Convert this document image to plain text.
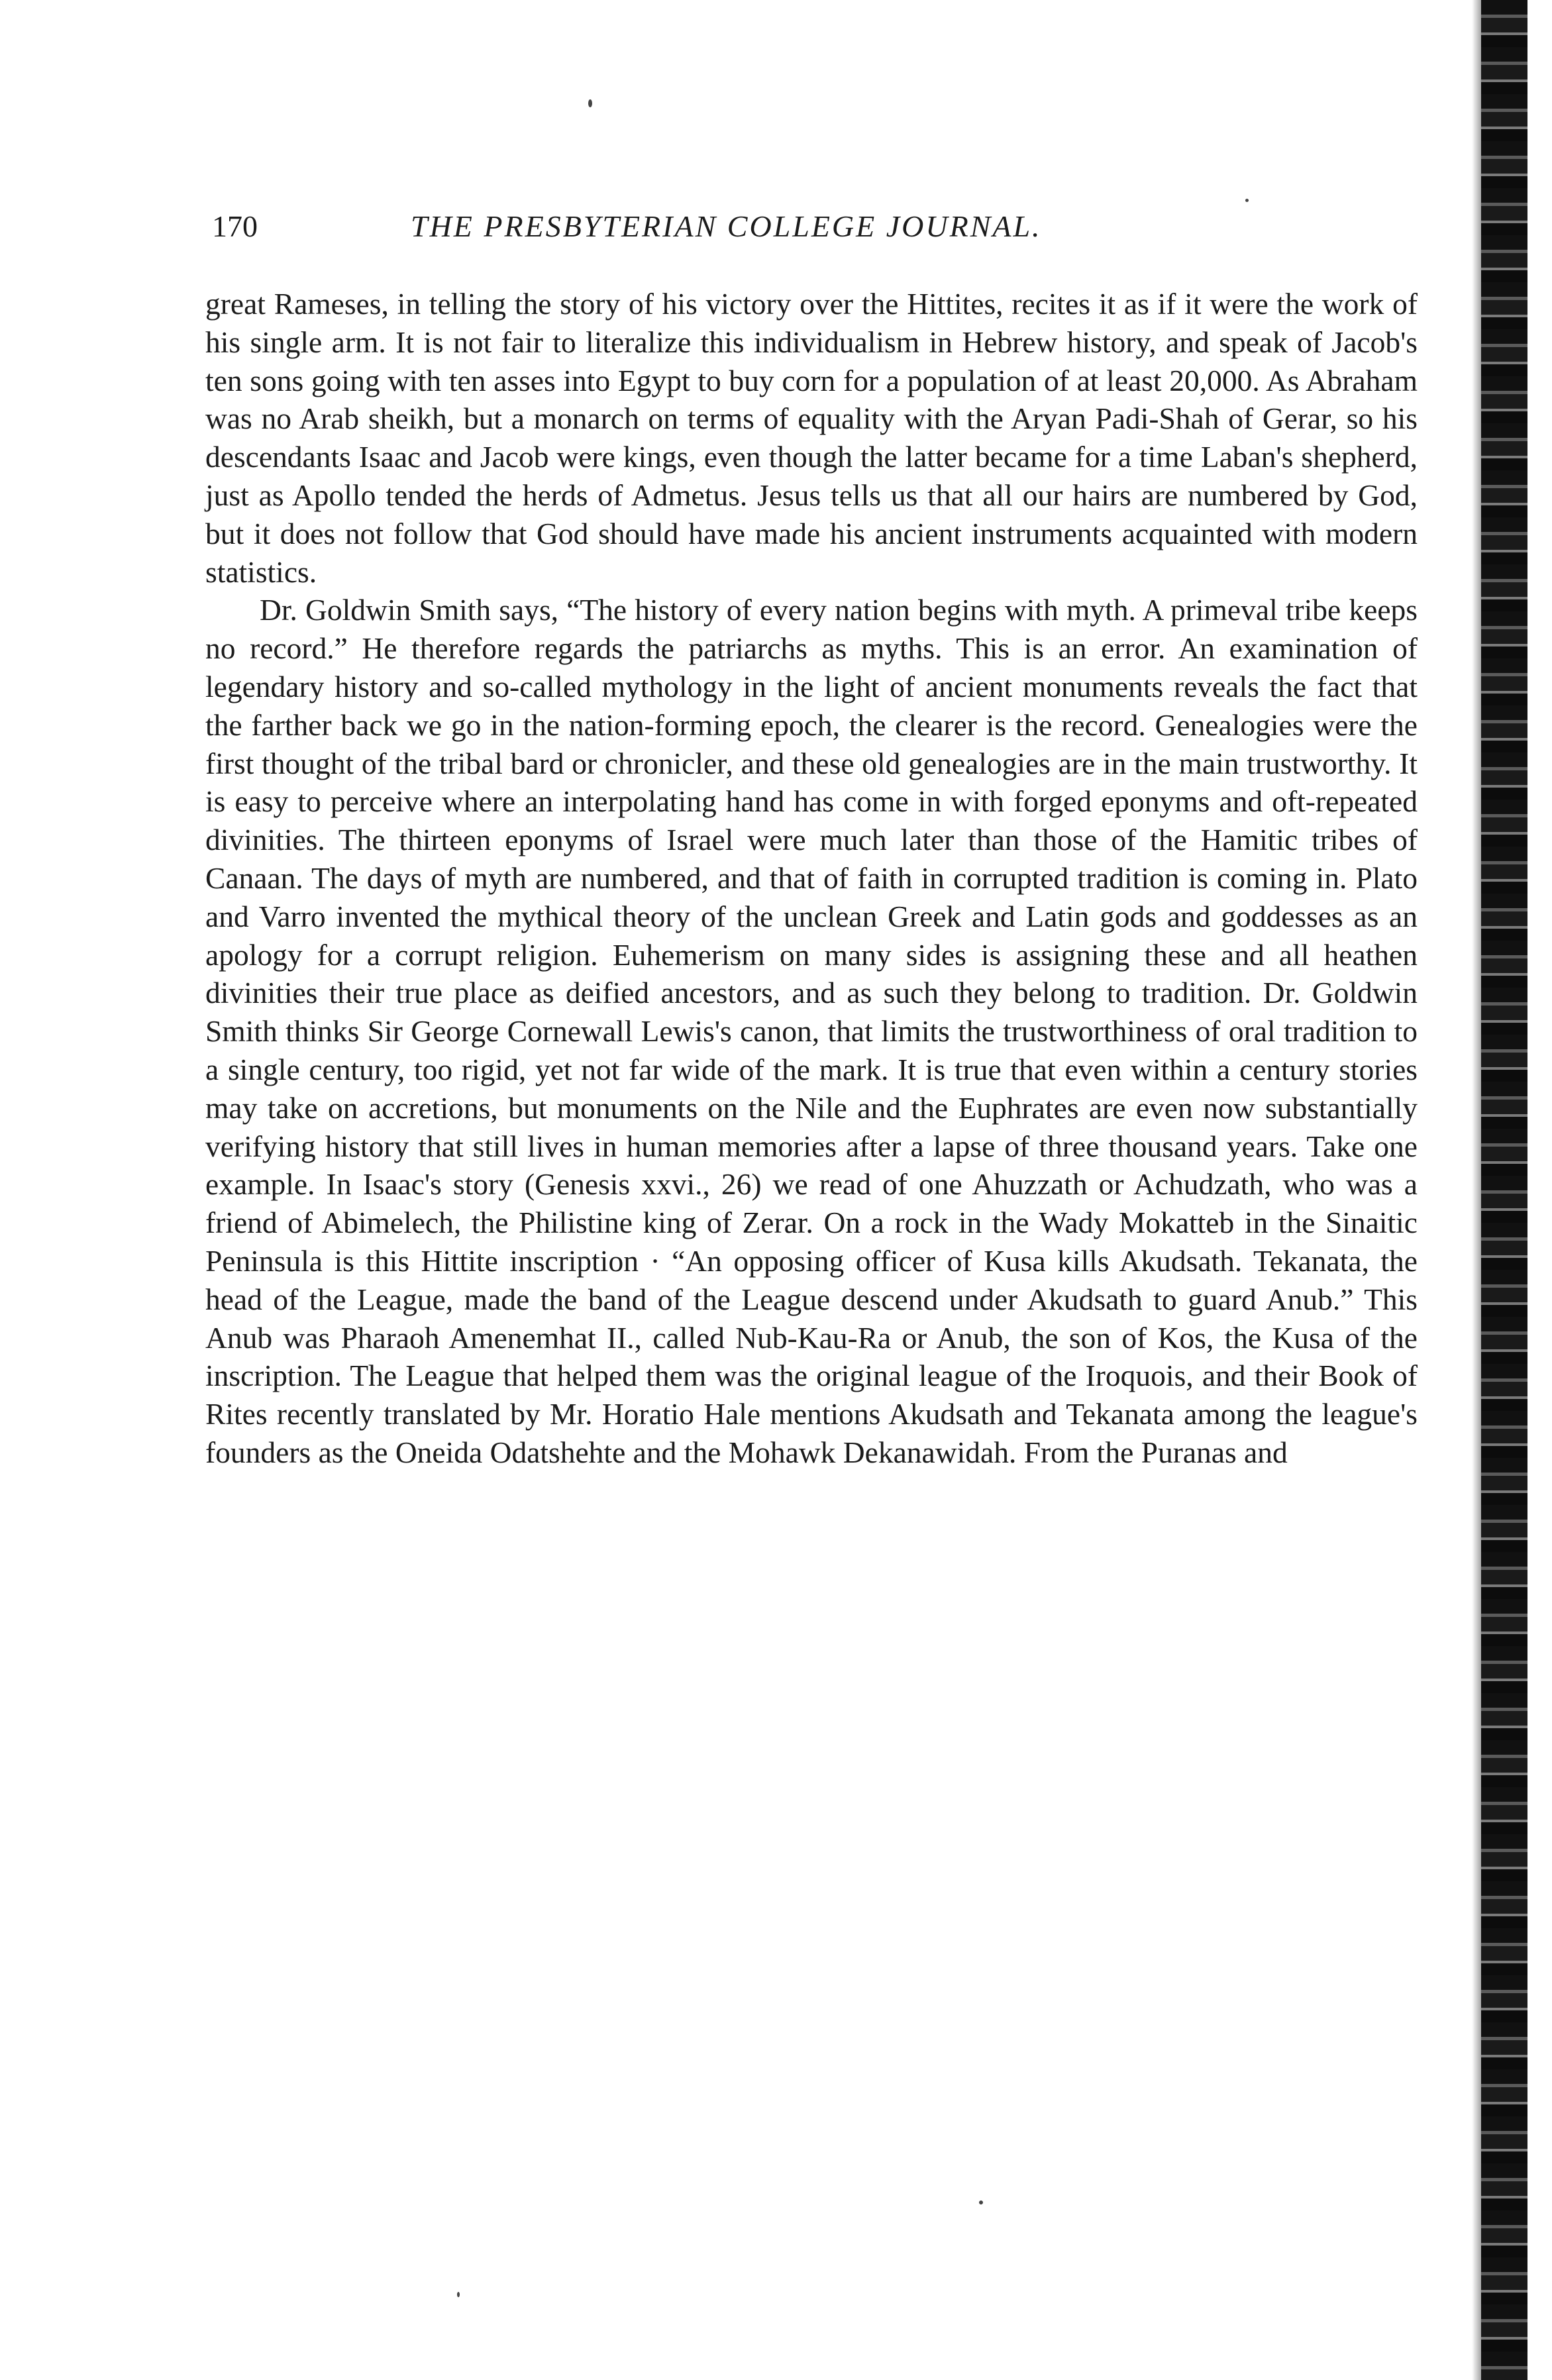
170	THE PRESBYTERIAN COLLEGE JOURNAL.

great Rameses, in telling the story of his victory over the Hittites, recites it as if it were the work of his single arm. It is not fair to literalize this individualism in Hebrew history, and speak of Jacob's ten sons going with ten asses into Egypt to buy corn for a population of at least 20,000. As Abraham was no Arab sheikh, but a monarch on terms of equality with the Aryan Padi-Shah of Gerar, so his descendants Isaac and Jacob were kings, even though the latter became for a time Laban's shepherd, just as Apollo tended the herds of Admetus. Jesus tells us that all our hairs are numbered by God, but it does not follow that God should have made his ancient instruments acquainted with modern statistics.

Dr. Goldwin Smith says, “The history of every nation begins with myth. A primeval tribe keeps no record.” He therefore regards the patriarchs as myths. This is an error. An examination of legendary history and so-called mythology in the light of ancient monuments reveals the fact that the farther back we go in the nation-forming epoch, the clearer is the record. Genealogies were the first thought of the tribal bard or chronicler, and these old genealogies are in the main trustworthy. It is easy to perceive where an interpolating hand has come in with forged eponyms and oft-repeated divinities. The thirteen eponyms of Israel were much later than those of the Hamitic tribes of Canaan. The days of myth are numbered, and that of faith in corrupted tradition is coming in. Plato and Varro invented the mythical theory of the unclean Greek and Latin gods and goddesses as an apology for a corrupt religion. Euhemerism on many sides is assigning these and all heathen divinities their true place as deified ancestors, and as such they belong to tradition. Dr. Goldwin Smith thinks Sir George Cornewall Lewis's canon, that limits the trustworthiness of oral tradition to a single century, too rigid, yet not far wide of the mark. It is true that even within a century stories may take on accretions, but monuments on the Nile and the Euphrates are even now substantially verifying history that still lives in human memories after a lapse of three thousand years. Take one example. In Isaac's story (Genesis xxvi., 26) we read of one Ahuzzath or Achudzath, who was a friend of Abimelech, the Philistine king of Zerar. On a rock in the Wady Mokatteb in the Sinaitic Peninsula is this Hittite inscription · “An opposing officer of Kusa kills Akudsath. Tekanata, the head of the League, made the band of the League descend under Akudsath to guard Anub.” This Anub was Pharaoh Amenemhat II., called Nub-Kau-Ra or Anub, the son of Kos, the Kusa of the inscription. The League that helped them was the original league of the Iroquois, and their Book of Rites recently translated by Mr. Horatio Hale mentions Akudsath and Tekanata among the league's founders as the Oneida Odatshehte and the Mohawk Dekanawidah. From the Puranas and
